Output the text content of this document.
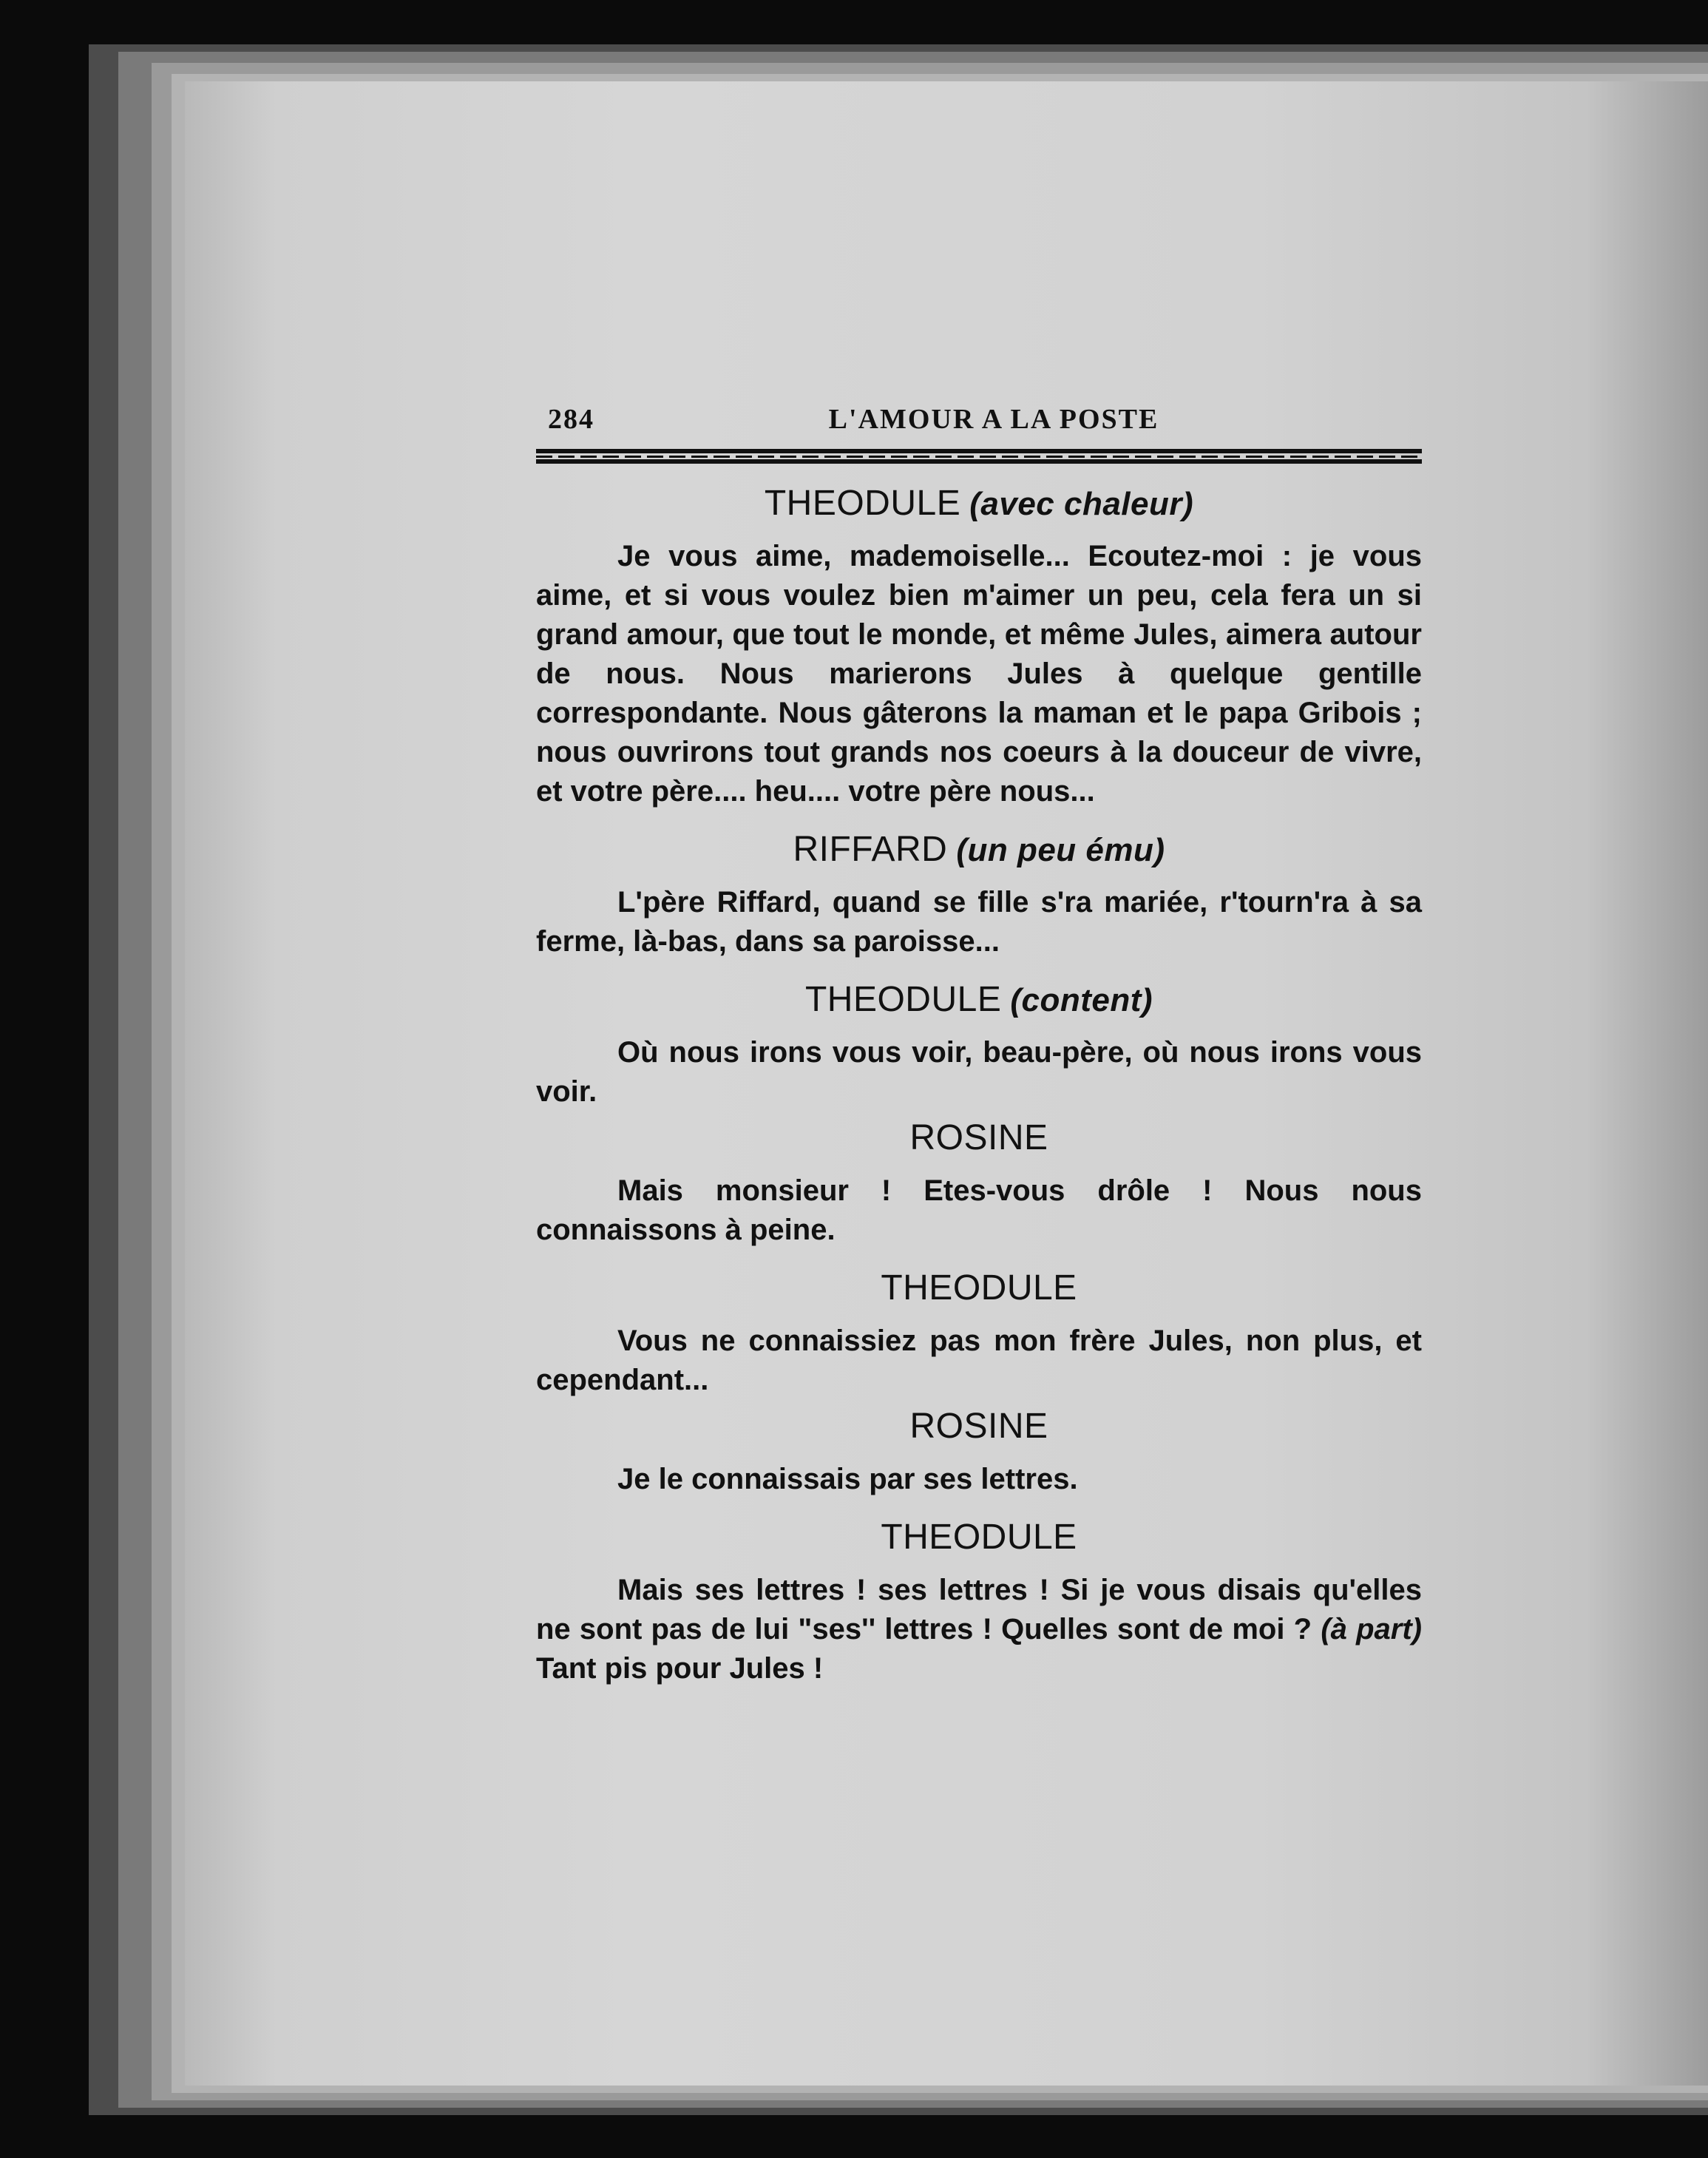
284	L'AMOUR A LA POSTE

THEODULE (avec chaleur)

Je vous aime, mademoiselle... Ecoutez-moi : je vous aime, et si vous voulez bien m'aimer un peu, cela fera un si grand amour, que tout le monde, et même Jules, aimera autour de nous. Nous marierons Jules à quelque gentille correspondante. Nous gâterons la maman et le papa Gribois ; nous ouvrirons tout grands nos coeurs à la douceur de vivre, et votre père.... heu.... votre père nous...

RIFFARD (un peu ému)

L'père Riffard, quand se fille s'ra mariée, r'tourn'ra à sa ferme, là-bas, dans sa paroisse...

THEODULE (content)

Où nous irons vous voir, beau-père, où nous irons vous voir.

ROSINE

Mais monsieur ! Etes-vous drôle ! Nous nous connaissons à peine.

THEODULE

Vous ne connaissiez pas mon frère Jules, non plus, et cependant...

ROSINE

Je le connaissais par ses lettres.

THEODULE

Mais ses lettres ! ses lettres ! Si je vous disais qu'elles ne sont pas de lui "ses'' lettres ! Quelles sont de moi ? (à part) Tant pis pour Jules !
